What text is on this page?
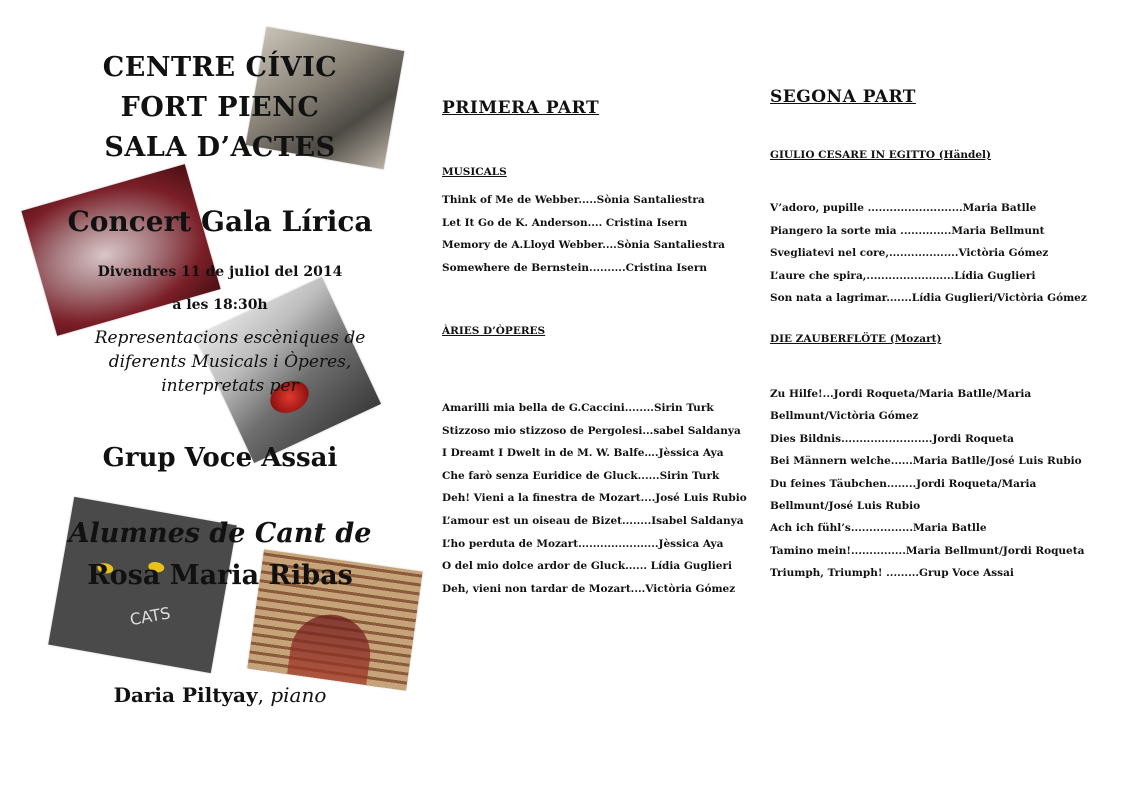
CATS
CENTRE CÍVIC
FORT PIENC
SALA D’ACTES
Concert Gala Lírica
Divendres 11 de juliol del 2014
a les 18:30h
Representacions escèniques de
diferents Musicals i Òperes,
interpretats per
Grup Voce Assai
Alumnes de Cant de
Rosa Maria Ribas
Daria Piltyay, piano
PRIMERA PART
MUSICALS
Think of Me de Webber.....Sònia Santaliestra
Let It Go de K. Anderson.... Cristina Isern
Memory de A.Lloyd Webber....Sònia Santaliestra
Somewhere de Bernstein..........Cristina Isern
ÀRIES D’ÒPERES
Amarilli mia bella de G.Caccini........Sirin Turk
Stizzoso mio stizzoso de Pergolesi...sabel Saldanya
I Dreamt I Dwelt in de M. W. Balfe….Jèssica Aya
Che farò senza Euridice de Gluck......Sirin Turk
Deh! Vieni a la finestra de Mozart....José Luis Rubio
L’amour est un oiseau de Bizet........Isabel Saldanya
L’ho perduta de Mozart......................Jèssica Aya
O del mio dolce ardor de Gluck...... Lídia Guglieri
Deh, vieni non tardar de Mozart....Victòria Gómez
SEGONA PART
GIULIO CESARE IN EGITTO (Händel)
V’adoro, pupille ..........................Maria Batlle
Piangero la sorte mia ..............Maria Bellmunt
Svegliatevi nel core,...................Victòria Gómez
L’aure che spira,........................Lídia Guglieri
Son nata a lagrimar.......Lídia Guglieri/Victòria Gómez
DIE ZAUBERFLÖTE (Mozart)
Zu Hilfe!...Jordi Roqueta/Maria Batlle/Maria
Bellmunt/Victòria Gómez
Dies Bildnis.........................Jordi Roqueta
Bei Männern welche......Maria Batlle/José Luis Rubio
Du feines Täubchen........Jordi Roqueta/Maria
Bellmunt/José Luis Rubio
Ach ich fühl’s.................Maria Batlle
Tamino mein!...............Maria Bellmunt/Jordi Roqueta
Triumph, Triumph! .........Grup Voce Assai
